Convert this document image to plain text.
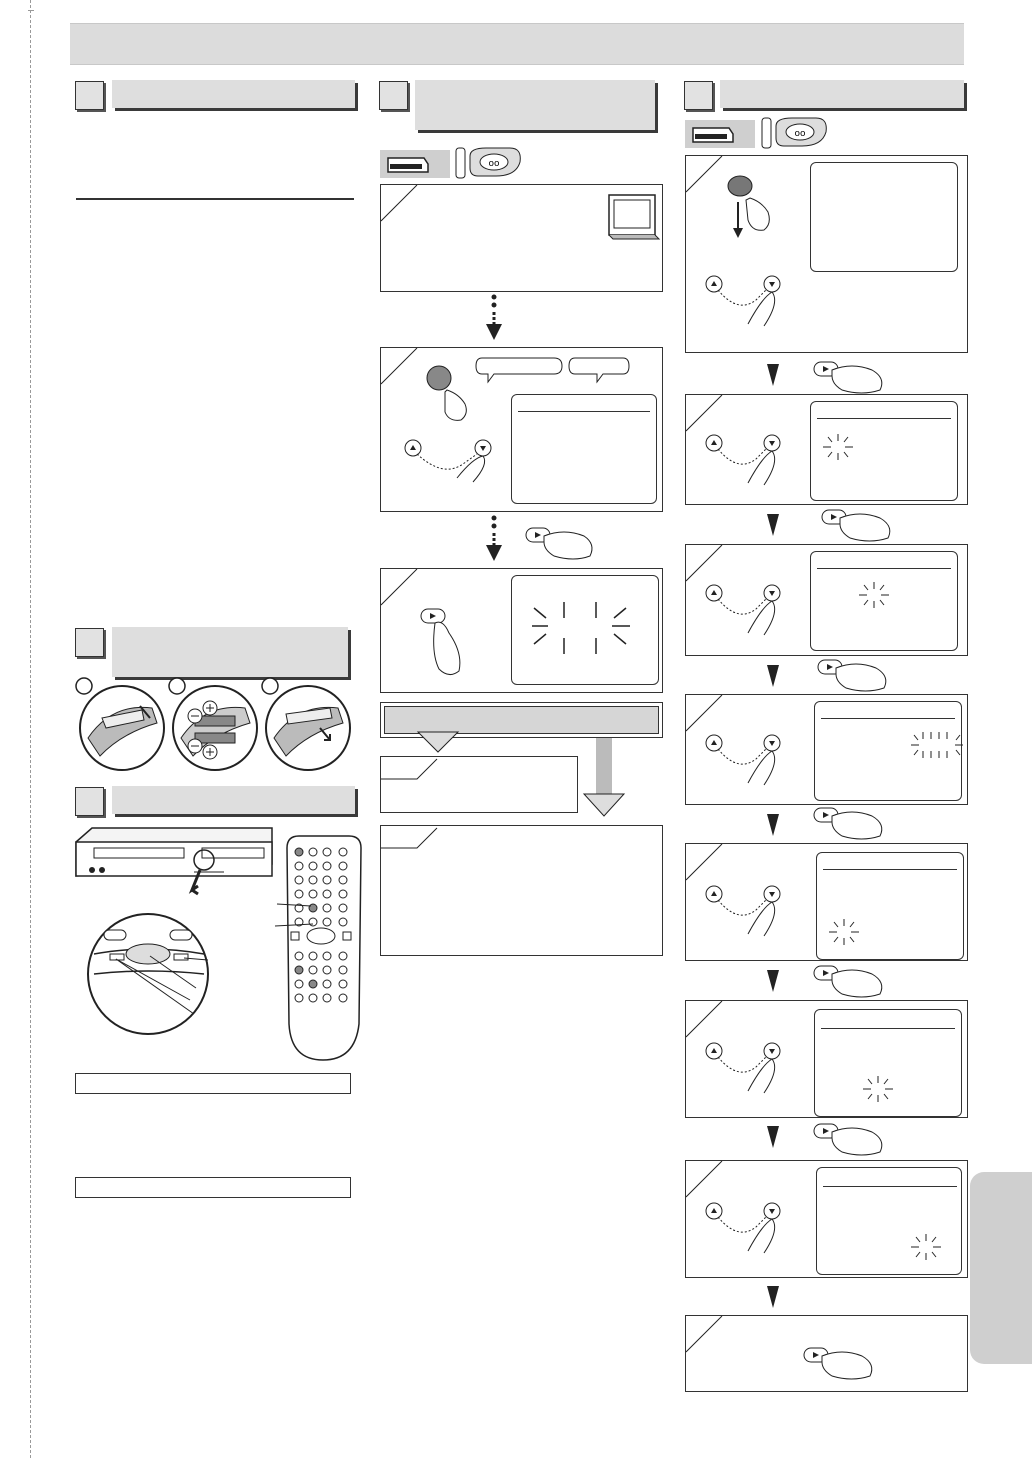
oo
oo
